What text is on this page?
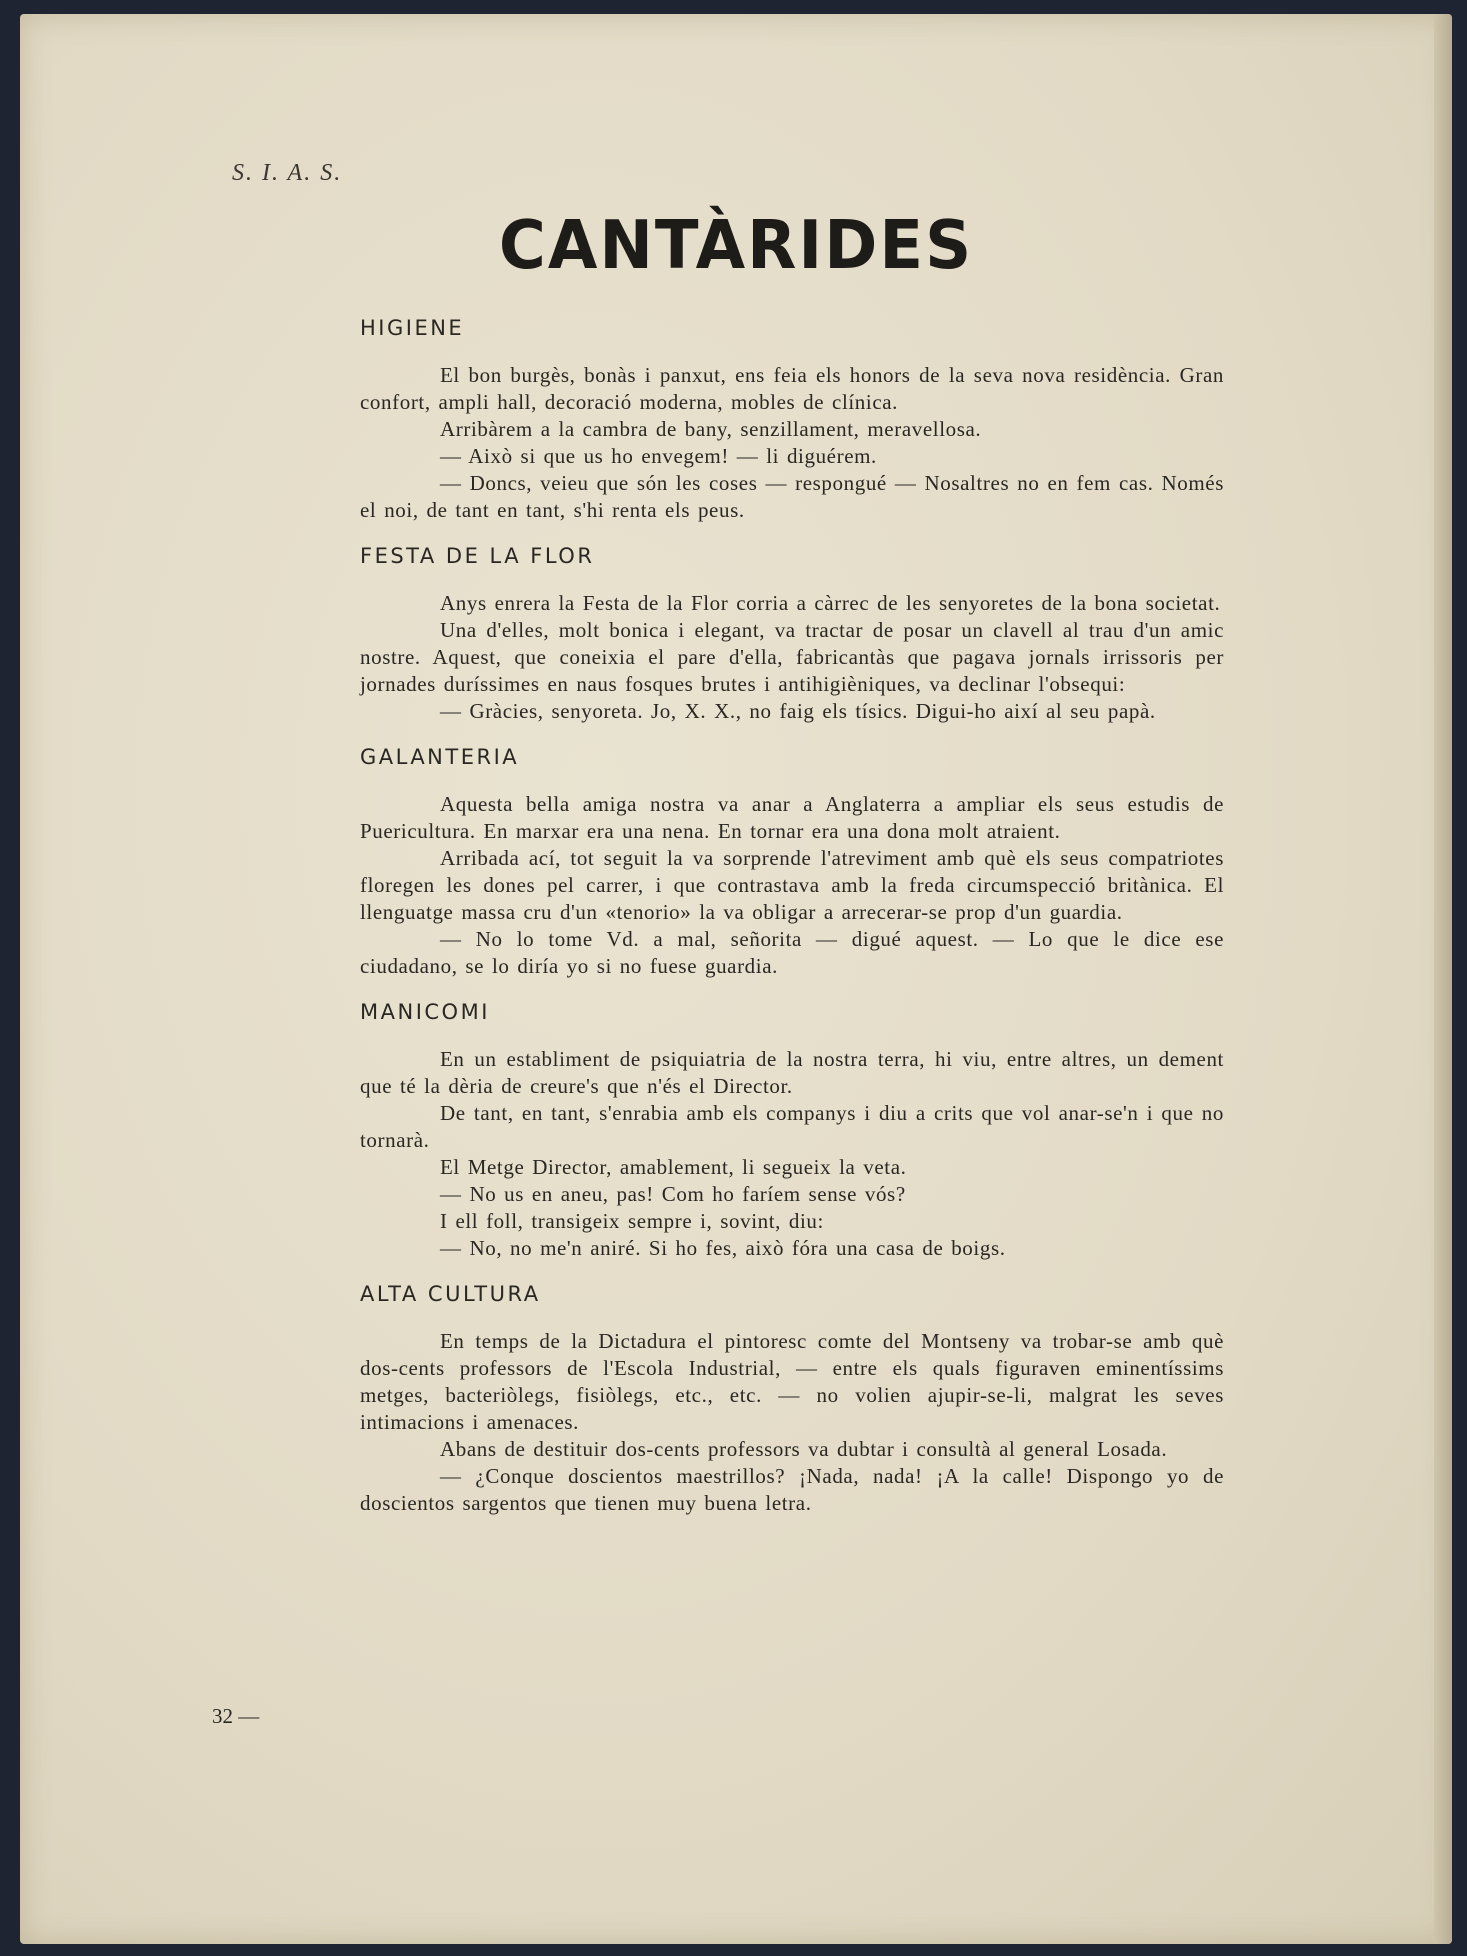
S. I. A. S.
CANTÀRIDES
HIGIENE

El bon burgès, bonàs i panxut, ens feia els honors de la seva nova residència. Gran confort, ampli hall, decoració moderna, mobles de clínica.

Arribàrem a la cambra de bany, senzillament, meravellosa.

— Això si que us ho envegem! — li diguérem.

— Doncs, veieu que són les coses — respongué — Nosaltres no en fem cas. Només el noi, de tant en tant, s'hi renta els peus.

FESTA DE LA FLOR

Anys enrera la Festa de la Flor corria a càrrec de les senyoretes de la bona societat.

Una d'elles, molt bonica i elegant, va tractar de posar un clavell al trau d'un amic nostre. Aquest, que coneixia el pare d'ella, fabricantàs que pagava jornals irrissoris per jornades duríssimes en naus fosques brutes i antihigièniques, va declinar l'obsequi:

— Gràcies, senyoreta. Jo, X. X., no faig els tísics. Digui-ho així al seu papà.

GALANTERIA

Aquesta bella amiga nostra va anar a Anglaterra a ampliar els seus estudis de Puericultura. En marxar era una nena. En tornar era una dona molt atraient.

Arribada ací, tot seguit la va sorprende l'atreviment amb què els seus compatriotes floregen les dones pel carrer, i que contrastava amb la freda circumspecció britànica. El llenguatge massa cru d'un «tenorio» la va obligar a arrecerar-se prop d'un guardia.

— No lo tome Vd. a mal, señorita — digué aquest. — Lo que le dice ese ciudadano, se lo diría yo si no fuese guardia.

MANICOMI

En un establiment de psiquiatria de la nostra terra, hi viu, entre altres, un dement que té la dèria de creure's que n'és el Director.

De tant, en tant, s'enrabia amb els companys i diu a crits que vol anar-se'n i que no tornarà.

El Metge Director, amablement, li segueix la veta.

— No us en aneu, pas! Com ho faríem sense vós?

I ell foll, transigeix sempre i, sovint, diu:

— No, no me'n aniré. Si ho fes, això fóra una casa de boigs.

ALTA CULTURA

En temps de la Dictadura el pintoresc comte del Montseny va trobar-se amb què dos-cents professors de l'Escola Industrial, — entre els quals figuraven eminentíssims metges, bacteriòlegs, fisiòlegs, etc., etc. — no volien ajupir-se-li, malgrat les seves intimacions i amenaces.

Abans de destituir dos-cents professors va dubtar i consultà al general Losada.

— ¿Conque doscientos maestrillos? ¡Nada, nada! ¡A la calle! Dispongo yo de doscientos sargentos que tienen muy buena letra.

32 —
